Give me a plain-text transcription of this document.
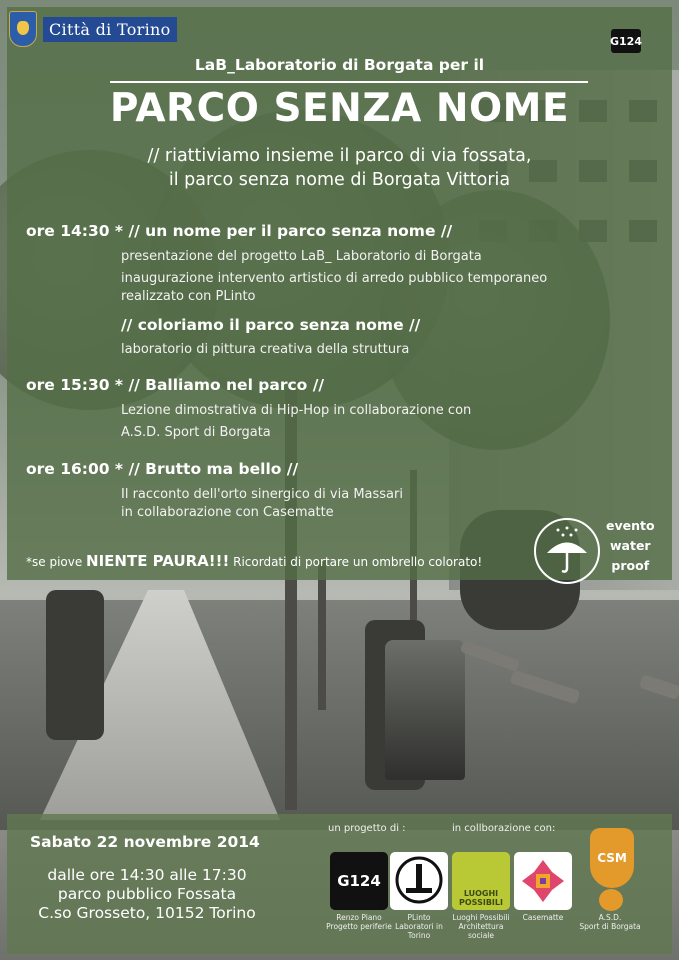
Città di Torino
G124
LaB_Laboratorio di Borgata per il
PARCO SENZA NOME
// riattiviamo insieme il parco di via fossata,
il parco senza nome di Borgata Vittoria
ore 14:30 * // un nome per il parco senza nome //
presentazione del progetto LaB_ Laboratorio di Borgata
inaugurazione intervento artistico di arredo pubblico temporaneo
realizzato con PLinto
// coloriamo il parco senza nome //
laboratorio di pittura creativa della struttura
ore 15:30 * // Balliamo nel parco //
Lezione dimostrativa di Hip-Hop in collaborazione con
A.S.D. Sport di Borgata
ore 16:00 * // Brutto ma bello //
Il racconto dell'orto sinergico di via Massari
in collaborazione con Casematte
*se piove NIENTE PAURA!!! Ricordati di portare un ombrello colorato!
evento
water
proof
Sabato 22 novembre 2014
dalle ore 14:30 alle 17:30
parco pubblico Fossata
C.so Grosseto, 10152 Torino
un progetto di :	in collborazione con:
G124
Renzo Piano
Progetto periferie
PLinto
Laboratori in Torino
LUOGHI POSSIBILI
Luoghi Possibili
Architettura sociale
Casematte
CSM
A.S.D.
Sport di Borgata
